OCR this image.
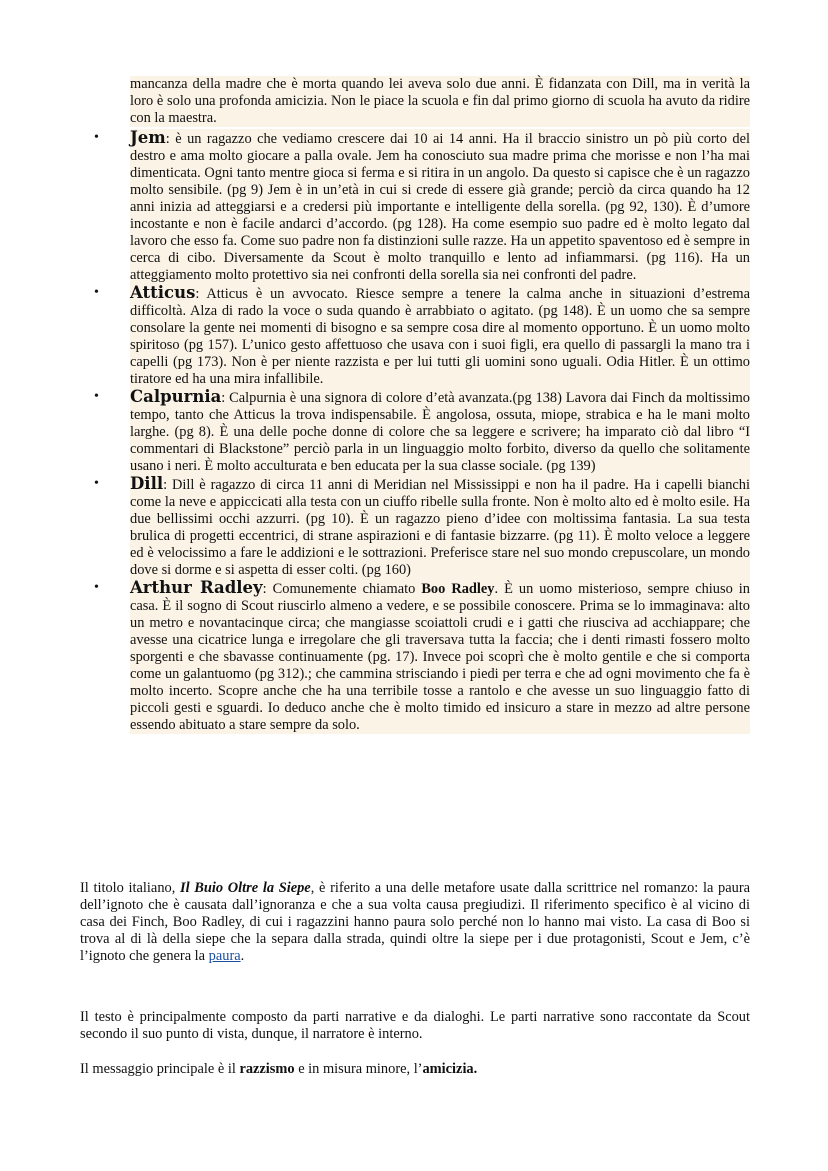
mancanza della madre che è morta quando lei aveva solo due anni. È fidanzata con Dill, ma in verità la loro è solo una profonda amicizia. Non le piace la scuola e fin dal primo giorno di scuola ha avuto da ridire con la maestra.
• Jem: è un ragazzo che vediamo crescere dai 10 ai 14 anni. Ha il braccio sinistro un pò più corto del destro e ama molto giocare a palla ovale. Jem ha conosciuto sua madre prima che morisse e non l’ha mai dimenticata. Ogni tanto mentre gioca si ferma e si ritira in un angolo. Da questo si capisce che è un ragazzo molto sensibile. (pg 9) Jem è in un’età in cui si crede di essere già grande; perciò da circa quando ha 12 anni inizia ad atteggiarsi e a credersi più importante e intelligente della sorella. (pg 92, 130). È d’umore incostante e non è facile andarci d’accordo. (pg 128). Ha come esempio suo padre ed è molto legato dal lavoro che esso fa. Come suo padre non fa distinzioni sulle razze. Ha un appetito spaventoso ed è sempre in cerca di cibo. Diversamente da Scout è molto tranquillo e lento ad infiammarsi. (pg 116). Ha un atteggiamento molto protettivo sia nei confronti della sorella sia nei confronti del padre.
• Atticus: Atticus è un avvocato. Riesce sempre a tenere la calma anche in situazioni d’estrema difficoltà. Alza di rado la voce o suda quando è arrabbiato o agitato. (pg 148). È un uomo che sa sempre consolare la gente nei momenti di bisogno e sa sempre cosa dire al momento opportuno. È un uomo molto spiritoso (pg 157). L’unico gesto affettuoso che usava con i suoi figli, era quello di passargli la mano tra i capelli (pg 173). Non è per niente razzista e per lui tutti gli uomini sono uguali. Odia Hitler. È un ottimo tiratore ed ha una mira infallibile.
• Calpurnia: Calpurnia è una signora di colore d’età avanzata.(pg 138) Lavora dai Finch da moltissimo tempo, tanto che Atticus la trova indispensabile. È angolosa, ossuta, miope, strabica e ha le mani molto larghe. (pg 8). È una delle poche donne di colore che sa leggere e scrivere; ha imparato ciò dal libro “I commentari di Blackstone” perciò parla in un linguaggio molto forbito, diverso da quello che solitamente usano i neri. È molto acculturata e ben educata per la sua classe sociale. (pg 139)
• Dill: Dill è ragazzo di circa 11 anni di Meridian nel Mississippi e non ha il padre. Ha i capelli bianchi come la neve e appiccicati alla testa con un ciuffo ribelle sulla fronte. Non è molto alto ed è molto esile. Ha due bellissimi occhi azzurri. (pg 10). È un ragazzo pieno d’idee con moltissima fantasia. La sua testa brulica di progetti eccentrici, di strane aspirazioni e di fantasie bizzarre. (pg 11). È molto veloce a leggere ed è velocissimo a fare le addizioni e le sottrazioni. Preferisce stare nel suo mondo crepuscolare, un mondo dove si dorme e si aspetta di esser colti. (pg 160)
• Arthur Radley: Comunemente chiamato Boo Radley. È un uomo misterioso, sempre chiuso in casa. È il sogno di Scout riuscirlo almeno a vedere, e se possibile conoscere. Prima se lo immaginava: alto un metro e novantacinque circa; che mangiasse scoiattoli crudi e i gatti che riusciva ad acchiappare; che avesse una cicatrice lunga e irregolare che gli traversava tutta la faccia; che i denti rimasti fossero molto sporgenti e che sbavasse continuamente (pg. 17). Invece poi scoprì che è molto gentile e che si comporta come un galantuomo (pg 312).; che cammina strisciando i piedi per terra e che ad ogni movimento che fa è molto incerto. Scopre anche che ha una terribile tosse a rantolo e che avesse un suo linguaggio fatto di piccoli gesti e sguardi. Io deduco anche che è molto timido ed insicuro a stare in mezzo ad altre persone essendo abituato a stare sempre da solo.

Il titolo italiano, Il Buio Oltre la Siepe, è riferito a una delle metafore usate dalla scrittrice nel romanzo: la paura dell’ignoto che è causata dall’ignoranza e che a sua volta causa pregiudizi. Il riferimento specifico è al vicino di casa dei Finch, Boo Radley, di cui i ragazzini hanno paura solo perché non lo hanno mai visto. La casa di Boo si trova al di là della siepe che la separa dalla strada, quindi oltre la siepe per i due protagonisti, Scout e Jem, c’è l’ignoto che genera la paura.

Il testo è principalmente composto da parti narrative e da dialoghi. Le parti narrative sono raccontate da Scout secondo il suo punto di vista, dunque, il narratore è interno.

Il messaggio principale è il razzismo e in misura minore, l’amicizia.
